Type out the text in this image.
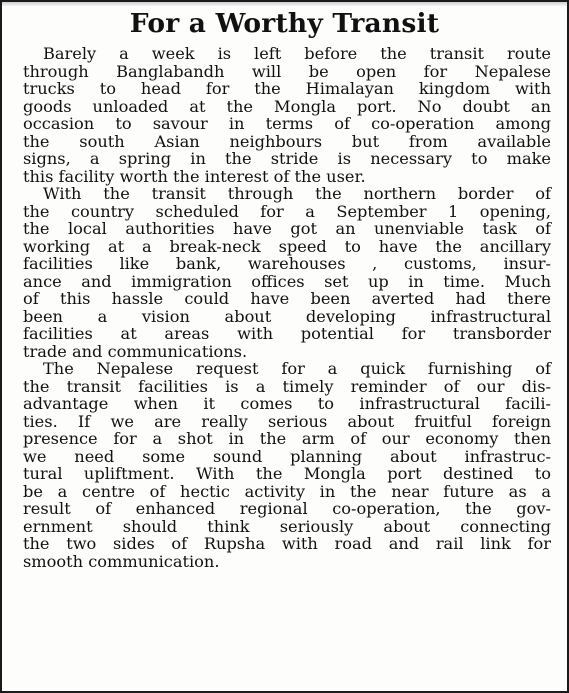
For a Worthy Transit
Barely a week is left before the transit route
through Banglabandh will be open for Nepalese
trucks to head for the Himalayan kingdom with
goods unloaded at the Mongla port. No doubt an
occasion to savour in terms of co-operation among
the south Asian neighbours but from available
signs, a spring in the stride is necessary to make
this facility worth the interest of the user.
With the transit through the northern border of
the country scheduled for a September 1 opening,
the local authorities have got an unenviable task of
working at a break-neck speed to have the ancillary
facilities like bank, warehouses , customs, insur-
ance and immigration offices set up in time. Much
of this hassle could have been averted had there
been a vision about developing infrastructural
facilities at areas with potential for transborder
trade and communications.
The Nepalese request for a quick furnishing of
the transit facilities is a timely reminder of our dis-
advantage when it comes to infrastructural facili-
ties. If we are really serious about fruitful foreign
presence for a shot in the arm of our economy then
we need some sound planning about infrastruc-
tural upliftment. With the Mongla port destined to
be a centre of hectic activity in the near future as a
result of enhanced regional co-operation, the gov-
ernment should think seriously about connecting
the two sides of Rupsha with road and rail link for
smooth communication.
